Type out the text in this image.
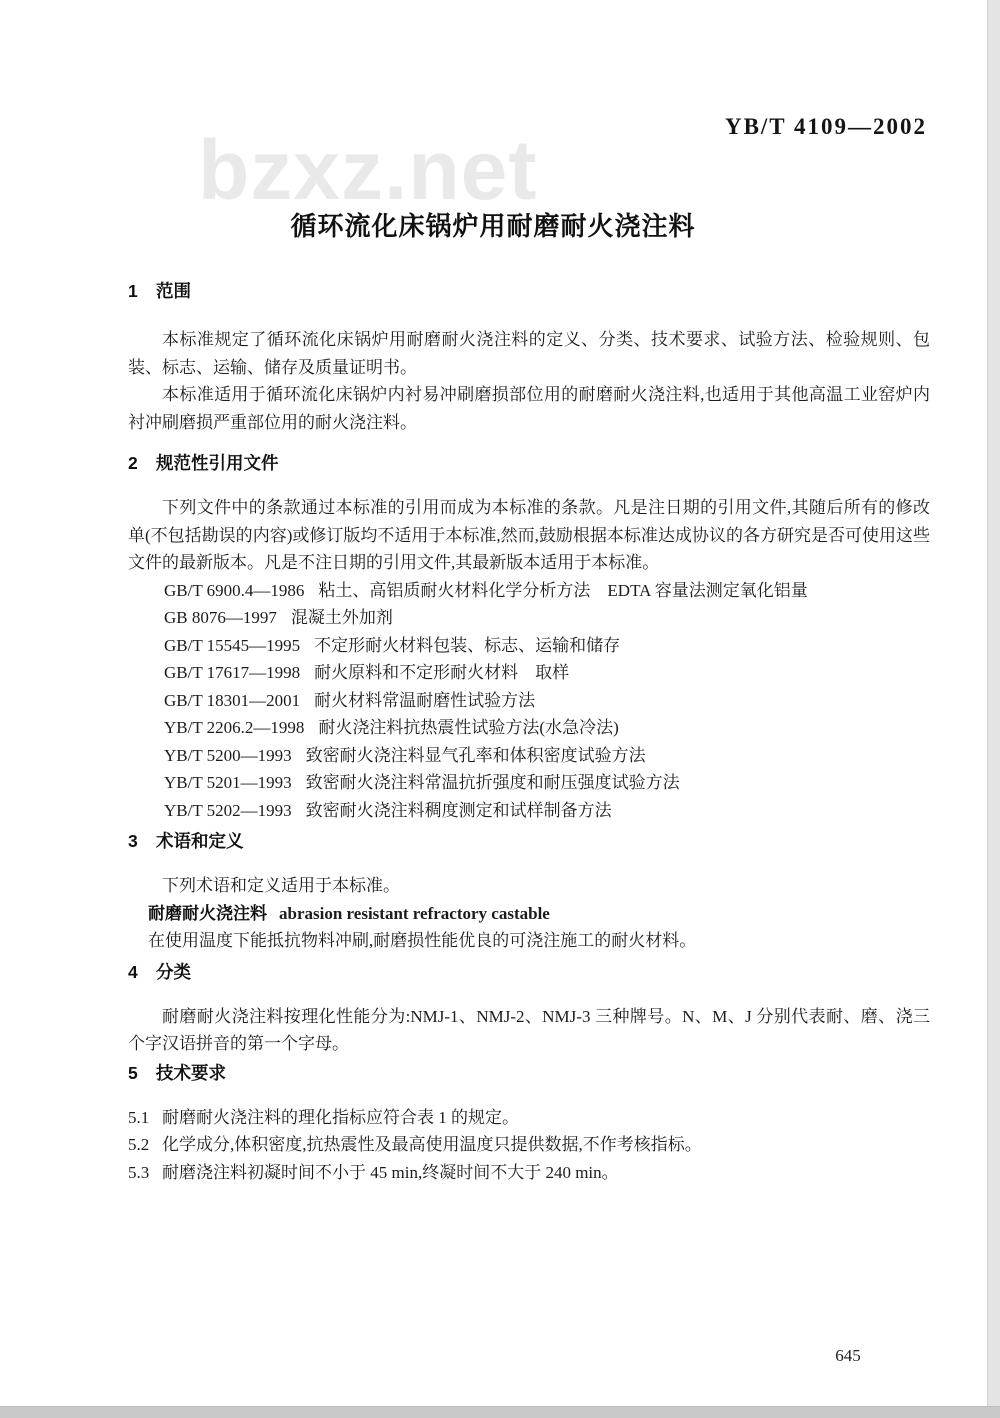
bzxz.net	YB/T 4109—2002
循环流化床锅炉用耐磨耐火浇注料
1 范围

本标准规定了循环流化床锅炉用耐磨耐火浇注料的定义、分类、技术要求、试验方法、检验规则、包装、标志、运输、储存及质量证明书。

本标准适用于循环流化床锅炉内衬易冲刷磨损部位用的耐磨耐火浇注料,也适用于其他高温工业窑炉内衬冲刷磨损严重部位用的耐火浇注料。

2 规范性引用文件

下列文件中的条款通过本标准的引用而成为本标准的条款。凡是注日期的引用文件,其随后所有的修改单(不包括勘误的内容)或修订版均不适用于本标准,然而,鼓励根据本标准达成协议的各方研究是否可使用这些文件的最新版本。凡是不注日期的引用文件,其最新版本适用于本标准。

GB/T 6900.4—1986 粘土、高铝质耐火材料化学分析方法　EDTA 容量法测定氧化铝量
GB 8076—1997 混凝土外加剂
GB/T 15545—1995 不定形耐火材料包装、标志、运输和储存
GB/T 17617—1998 耐火原料和不定形耐火材料　取样
GB/T 18301—2001 耐火材料常温耐磨性试验方法
YB/T 2206.2—1998 耐火浇注料抗热震性试验方法(水急冷法)
YB/T 5200—1993 致密耐火浇注料显气孔率和体积密度试验方法
YB/T 5201—1993 致密耐火浇注料常温抗折强度和耐压强度试验方法
YB/T 5202—1993 致密耐火浇注料稠度测定和试样制备方法
3 术语和定义

下列术语和定义适用于本标准。

耐磨耐火浇注料 abrasion resistant refractory castable
在使用温度下能抵抗物料冲刷,耐磨损性能优良的可浇注施工的耐火材料。
4 分类

耐磨耐火浇注料按理化性能分为:NMJ-1、NMJ-2、NMJ-3 三种牌号。N、M、J 分别代表耐、磨、浇三个字汉语拼音的第一个字母。

5 技术要求
5.1 耐磨耐火浇注料的理化指标应符合表 1 的规定。
5.2 化学成分,体积密度,抗热震性及最高使用温度只提供数据,不作考核指标。
5.3 耐磨浇注料初凝时间不小于 45 min,终凝时间不大于 240 min。
645
